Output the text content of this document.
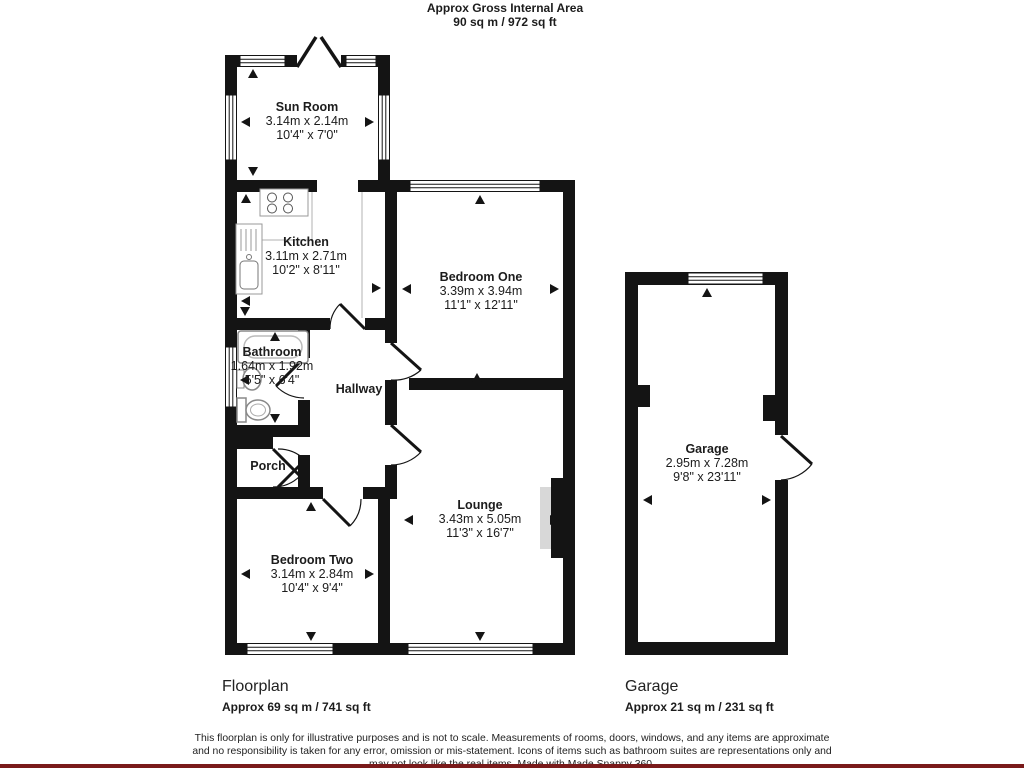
Approx Gross Internal Area
90 sq m / 972 sq ft
Sun Room
3.14m x 2.14m
10'4" x 7'0"
Kitchen
3.11m x 2.71m
10'2" x 8'11"	Bedroom One
3.39m x 3.94m
11'1" x 12'11"
Bathroom
1.64m x 1.92m
5'5" x 6'4"
Hallway
Porch
Bedroom Two
3.14m x 2.84m
10'4" x 9'4"
Lounge
3.43m x 5.05m
11'3" x 16'7"
Garage
2.95m x 7.28m
9'8" x 23'11"
Floorplan
Approx 69 sq m / 741 sq ft
Garage
Approx 21 sq m / 231 sq ft
This floorplan is only for illustrative purposes and is not to scale. Measurements of rooms, doors, windows, and any items are approximate
and no responsibility is taken for any error, omission or mis-statement. Icons of items such as bathroom suites are representations only and
